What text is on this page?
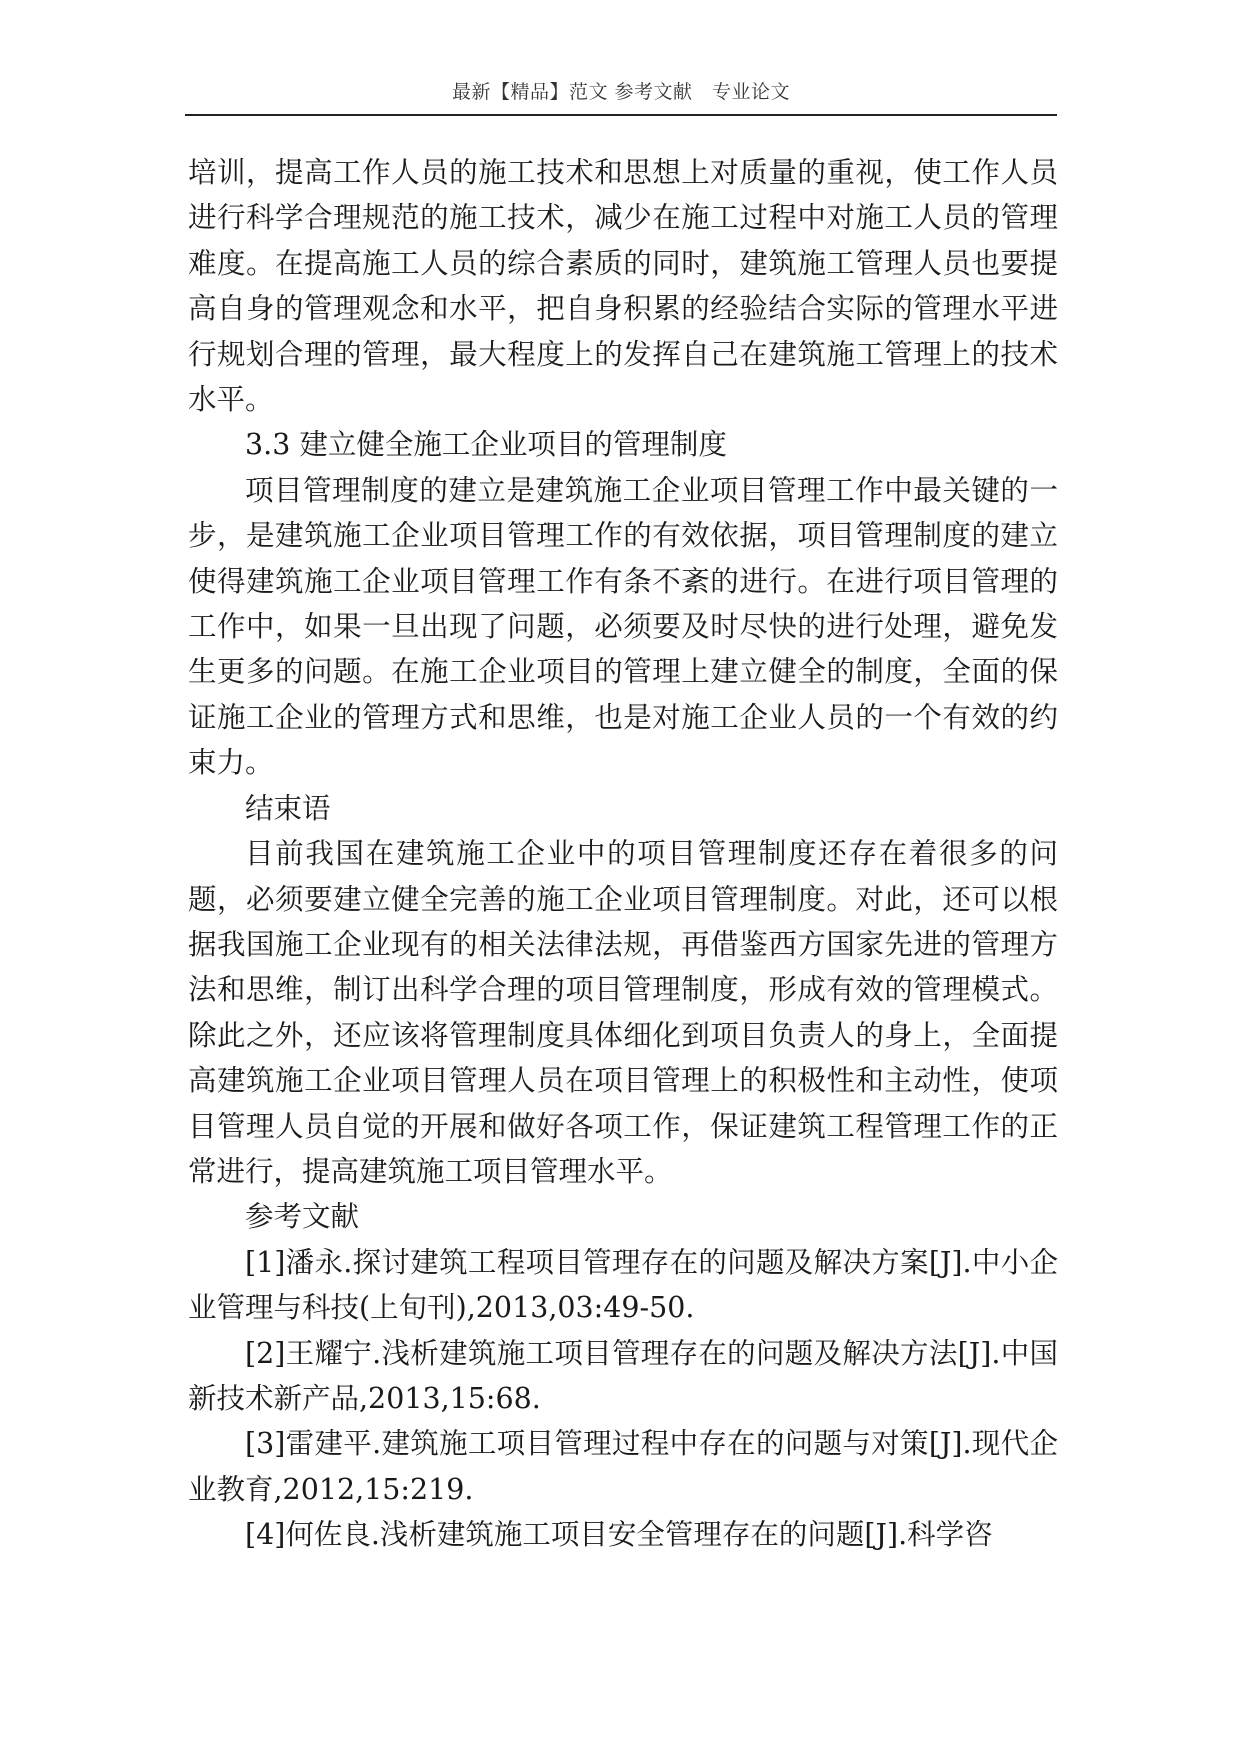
最新【精品】范文 参考文献　专业论文

培训，提高工作人员的施工技术和思想上对质量的重视，使工作人员进行科学合理规范的施工技术，减少在施工过程中对施工人员的管理难度。在提高施工人员的综合素质的同时，建筑施工管理人员也要提高自身的管理观念和水平，把自身积累的经验结合实际的管理水平进行规划合理的管理，最大程度上的发挥自己在建筑施工管理上的技术水平。

3.3 建立健全施工企业项目的管理制度

项目管理制度的建立是建筑施工企业项目管理工作中最关键的一步，是建筑施工企业项目管理工作的有效依据，项目管理制度的建立使得建筑施工企业项目管理工作有条不紊的进行。在进行项目管理的工作中，如果一旦出现了问题，必须要及时尽快的进行处理，避免发生更多的问题。在施工企业项目的管理上建立健全的制度，全面的保证施工企业的管理方式和思维，也是对施工企业人员的一个有效的约束力。

结束语

目前我国在建筑施工企业中的项目管理制度还存在着很多的问题，必须要建立健全完善的施工企业项目管理制度。对此，还可以根据我国施工企业现有的相关法律法规，再借鉴西方国家先进的管理方法和思维，制订出科学合理的项目管理制度，形成有效的管理模式。除此之外，还应该将管理制度具体细化到项目负责人的身上，全面提高建筑施工企业项目管理人员在项目管理上的积极性和主动性，使项目管理人员自觉的开展和做好各项工作，保证建筑工程管理工作的正常进行，提高建筑施工项目管理水平。

参考文献

[1]潘永.探讨建筑工程项目管理存在的问题及解决方案[J].中小企业管理与科技(上旬刊),2013,03:49-50.

[2]王耀宁.浅析建筑施工项目管理存在的问题及解决方法[J].中国新技术新产品,2013,15:68.

[3]雷建平.建筑施工项目管理过程中存在的问题与对策[J].现代企业教育,2012,15:219.

[4]何佐良.浅析建筑施工项目安全管理存在的问题[J].科学咨
